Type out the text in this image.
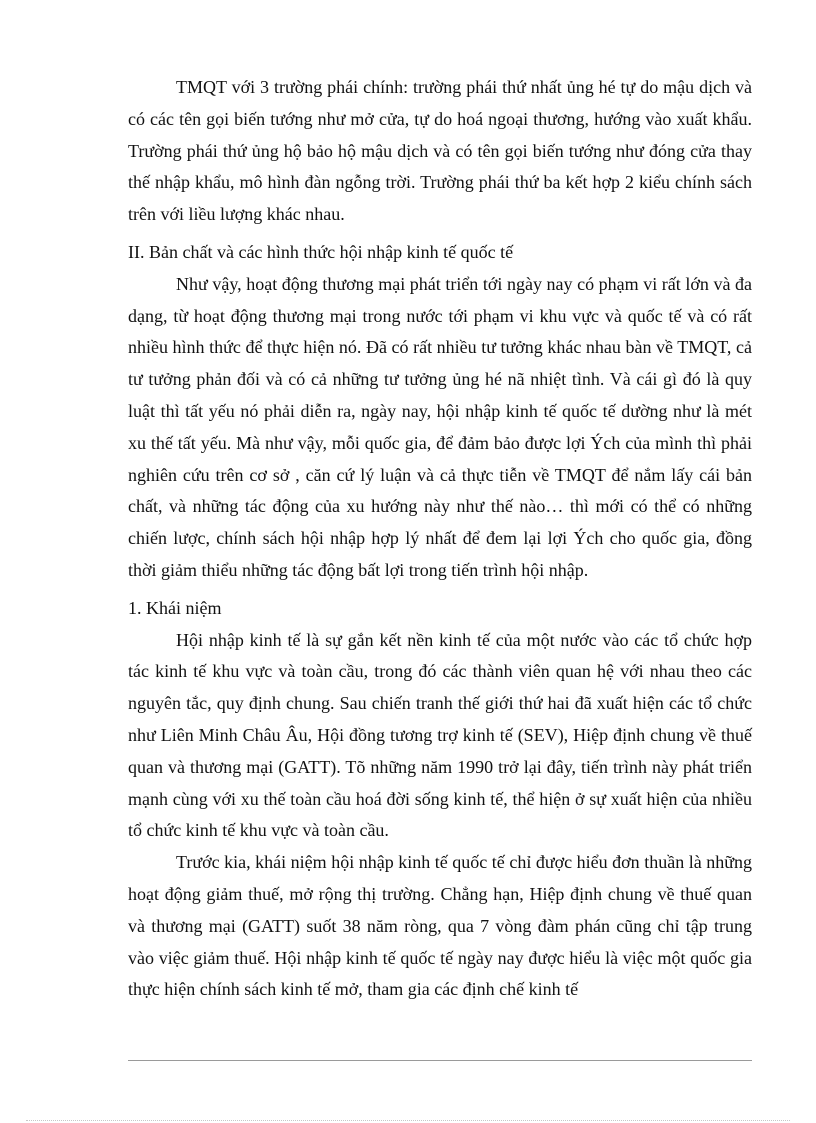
TMQT với 3 trường phái chính: trường phái thứ nhất ủng hé tự do mậu dịch và có các tên gọi biến tướng như mở cửa, tự do hoá ngoại thương, hướng vào xuất khẩu. Trường phái thứ ủng hộ bảo hộ mậu dịch và có tên gọi biến tướng như đóng cửa thay thế nhập khẩu, mô hình đàn ngỗng trời. Trường phái thứ ba kết hợp 2 kiểu chính sách trên với liều lượng khác nhau.

II. Bản chất và các hình thức hội nhập kinh tế quốc tế

Như vậy, hoạt động thương mại phát triển tới ngày nay có phạm vi rất lớn và đa dạng, từ hoạt động thương mại trong nước tới phạm vi khu vực và quốc tế và có rất nhiều hình thức để thực hiện nó. Đã có rất nhiều tư tưởng khác nhau bàn về TMQT, cả tư tưởng phản đối và có cả những tư tưởng ủng hé nã nhiệt tình. Và cái gì đó là quy luật thì tất yếu nó phải diễn ra, ngày nay, hội nhập kinh tế quốc tế dường như là mét xu thế tất yếu. Mà như vậy, mỗi quốc gia, để đảm bảo được lợi Ých của mình thì phải nghiên cứu trên cơ sở , căn cứ lý luận và cả thực tiễn về TMQT để nắm lấy cái bản chất, và những tác động của xu hướng này như thế nào… thì mới có thể có những chiến lược, chính sách hội nhập hợp lý nhất để đem lại lợi Ých cho quốc gia, đồng thời giảm thiểu những tác động bất lợi trong tiến trình hội nhập.

1. Khái niệm

Hội nhập kinh tế là sự gắn kết nền kinh tế của một nước vào các tổ chức hợp tác kinh tế khu vực và toàn cầu, trong đó các thành viên quan hệ với nhau theo các nguyên tắc, quy định chung. Sau chiến tranh thế giới thứ hai đã xuất hiện các tổ chức như Liên Minh Châu Âu, Hội đồng tương trợ kinh tế (SEV), Hiệp định chung về thuế quan và thương mại (GATT). Tõ những năm 1990 trở lại đây, tiến trình này phát triển mạnh cùng với xu thế toàn cầu hoá đời sống kinh tế, thể hiện ở sự xuất hiện của nhiều tổ chức kinh tế khu vực và toàn cầu.

Trước kia, khái niệm hội nhập kinh tế quốc tế chỉ được hiểu đơn thuần là những hoạt động giảm thuế, mở rộng thị trường. Chẳng hạn, Hiệp định chung về thuế quan và thương mại (GATT) suốt 38 năm ròng, qua 7 vòng đàm phán cũng chỉ tập trung vào việc giảm thuế. Hội nhập kinh tế quốc tế ngày nay được hiểu là việc một quốc gia thực hiện chính sách kinh tế mở, tham gia các định chế kinh tế
